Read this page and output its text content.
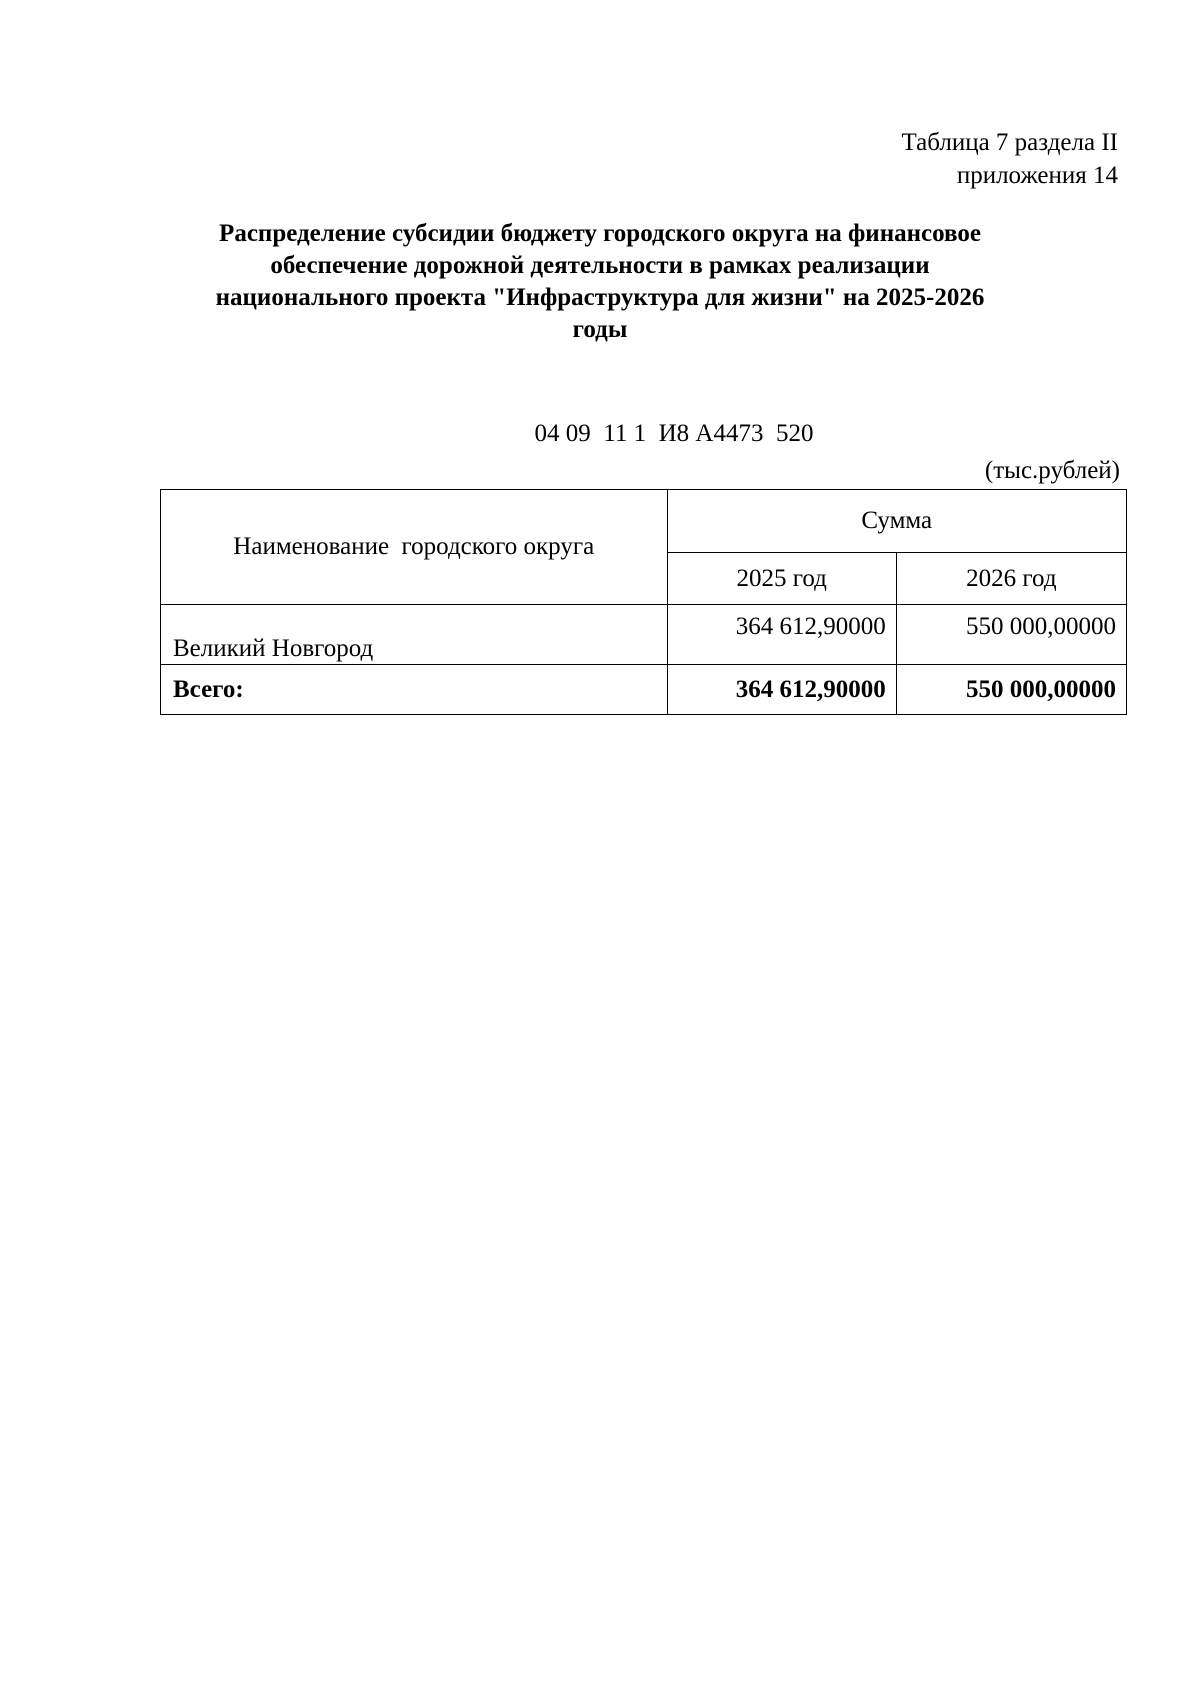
Таблица 7 раздела II
приложения 14
Распределение субсидии бюджету городского округа на финансовое
обеспечение дорожной деятельности в рамках реализации
национального проекта "Инфраструктура для жизни" на 2025-2026
годы
04 09  11 1  И8 А4473  520
(тыс.рублей)
Наименование  городского округа	Сумма	
	2025 год	2026 год
Великий Новгород	364 612,90000	550 000,00000
Всего:	364 612,90000	550 000,00000
